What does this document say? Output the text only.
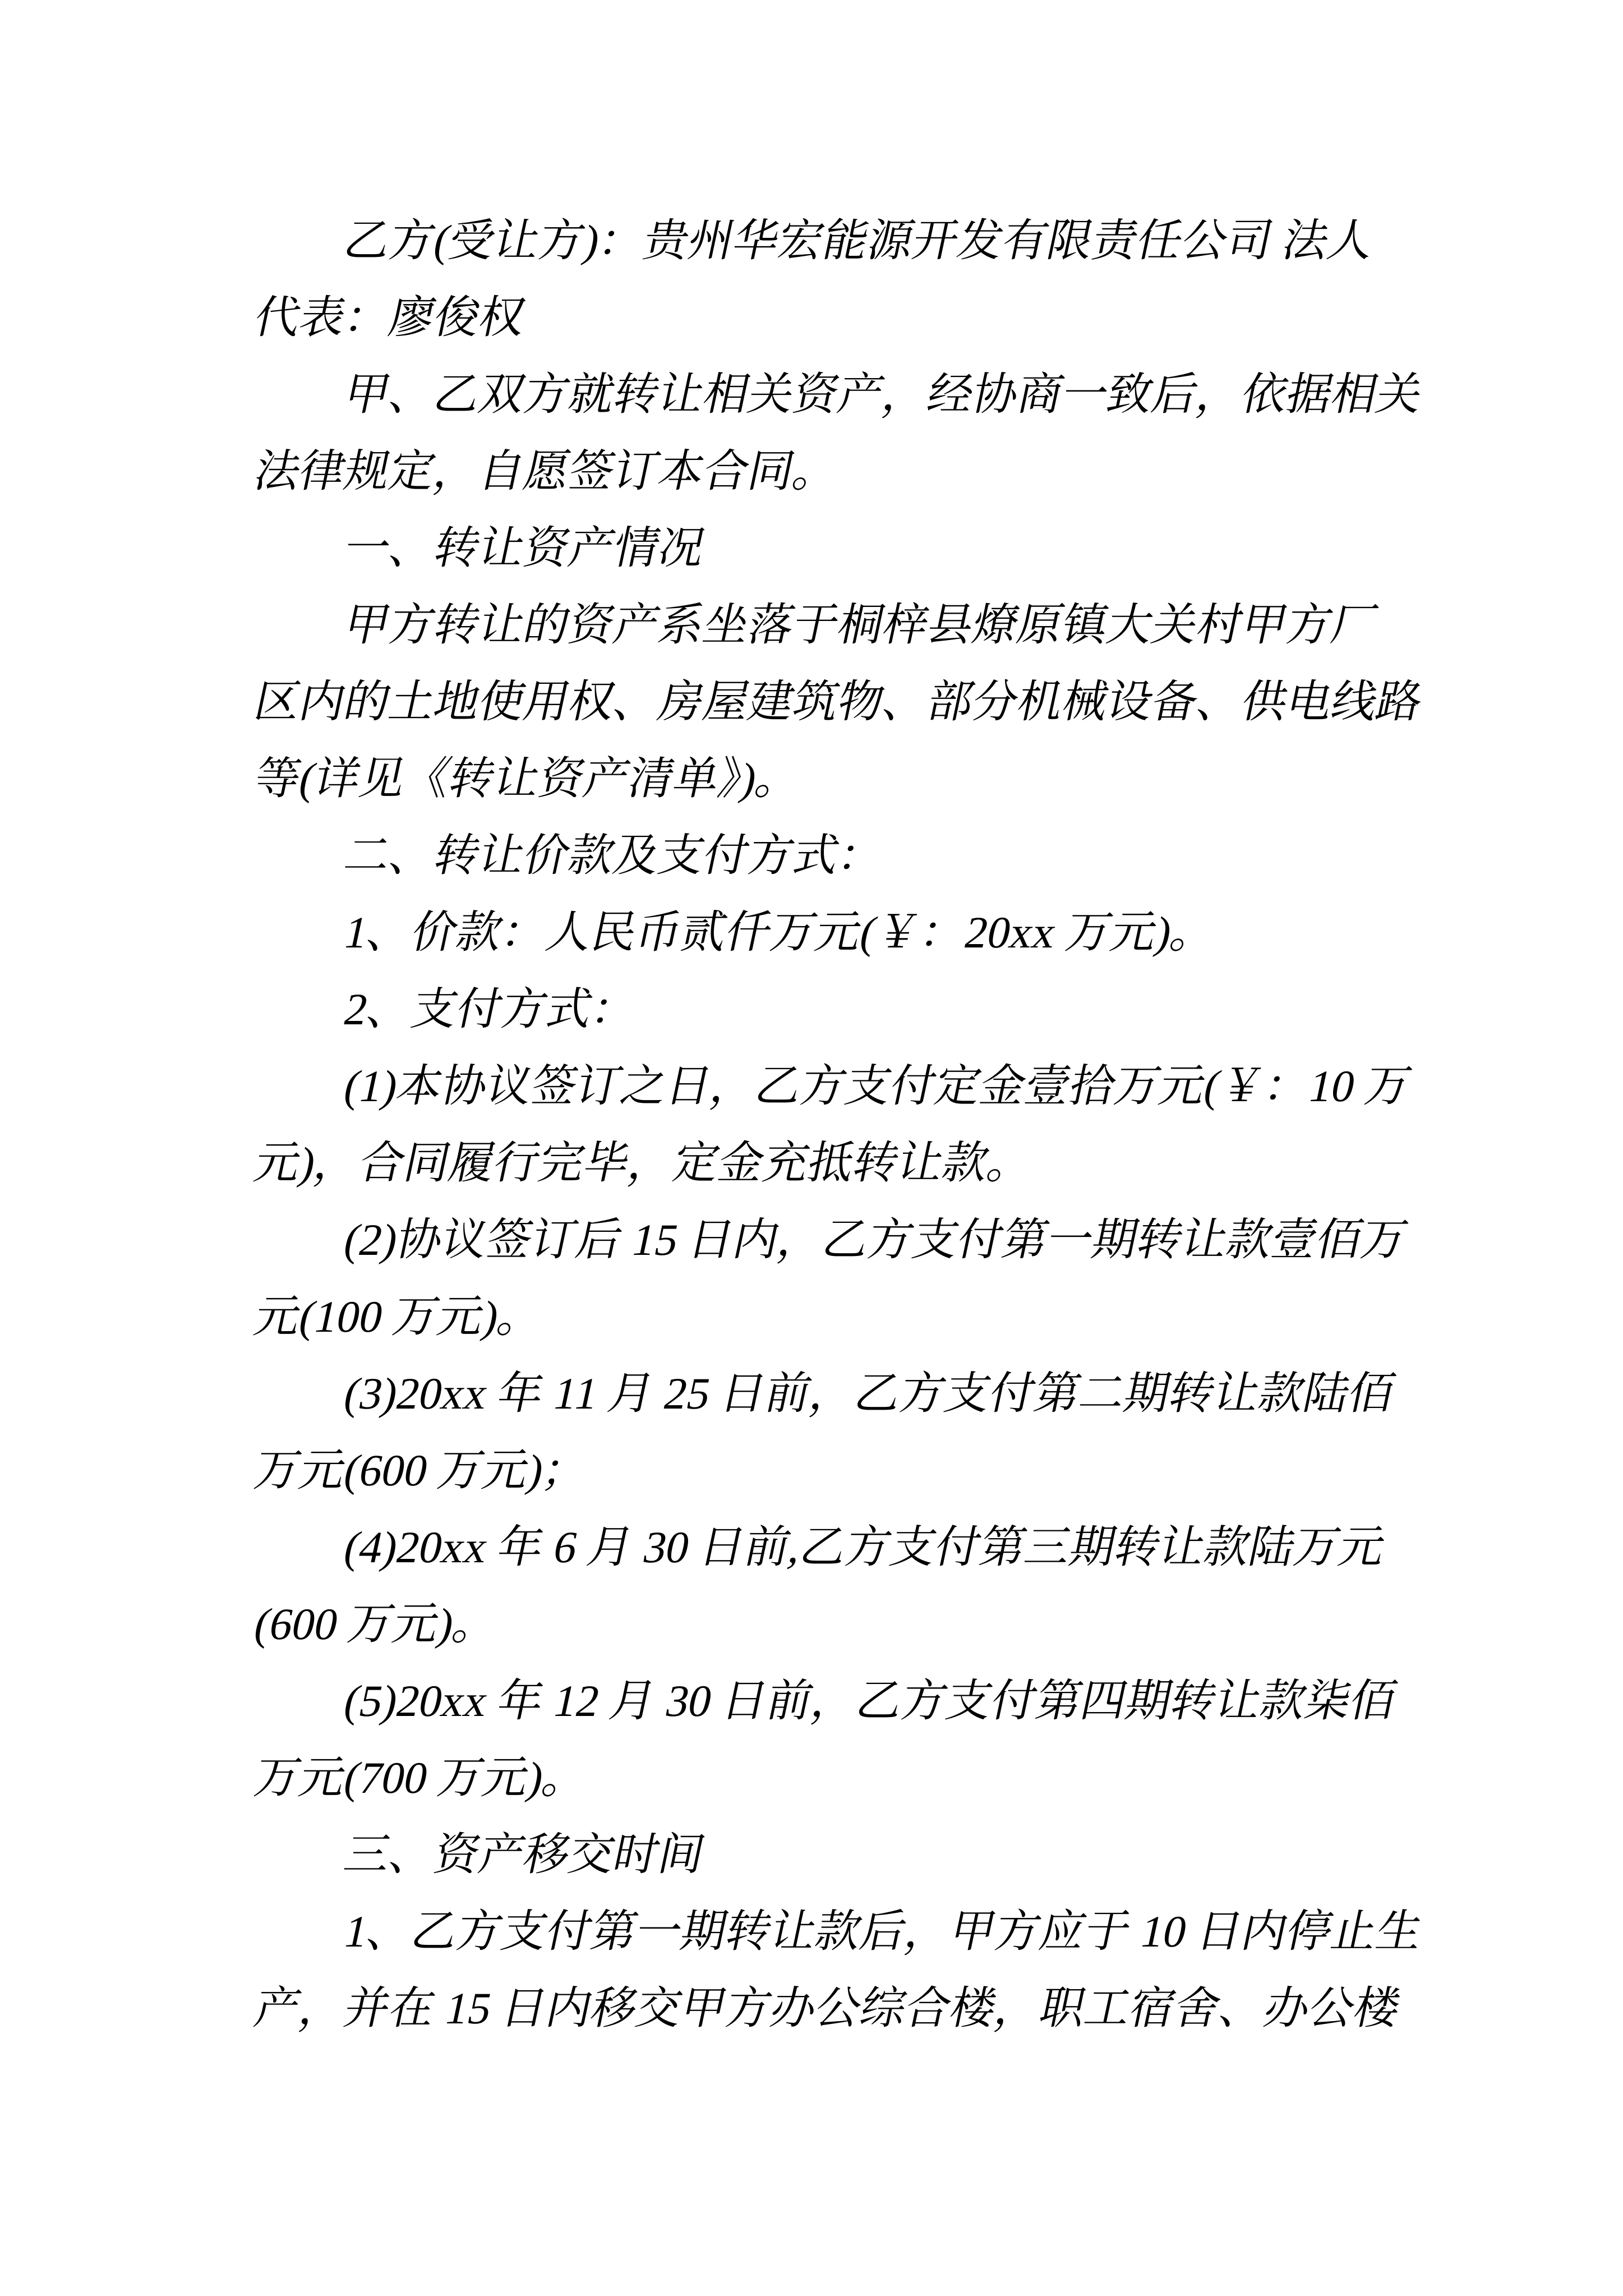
乙方(受让方)：贵州华宏能源开发有限责任公司 法人
代表：廖俊权
甲、乙双方就转让相关资产，经协商一致后，依据相关
法律规定，自愿签订本合同。
一、转让资产情况
甲方转让的资产系坐落于桐梓县燎原镇大关村甲方厂
区内的土地使用权、房屋建筑物、部分机械设备、供电线路
等(详见《转让资产清单》)。
二、转让价款及支付方式：
1、价款：人民币贰仟万元(￥：20xx 万元)。
2、支付方式：
(1)本协议签订之日，乙方支付定金壹拾万元(￥：10 万
元)，合同履行完毕，定金充抵转让款。
(2)协议签订后 15 日内，乙方支付第一期转让款壹佰万
元(100 万元)。
(3)20xx 年 11 月 25 日前，乙方支付第二期转让款陆佰
万元(600 万元)；
(4)20xx 年 6 月 30 日前,乙方支付第三期转让款陆万元
(600 万元)。
(5)20xx 年 12 月 30 日前，乙方支付第四期转让款柒佰
万元(700 万元)。
三、资产移交时间
1、乙方支付第一期转让款后，甲方应于 10 日内停止生
产，并在 15 日内移交甲方办公综合楼，职工宿舍、办公楼
